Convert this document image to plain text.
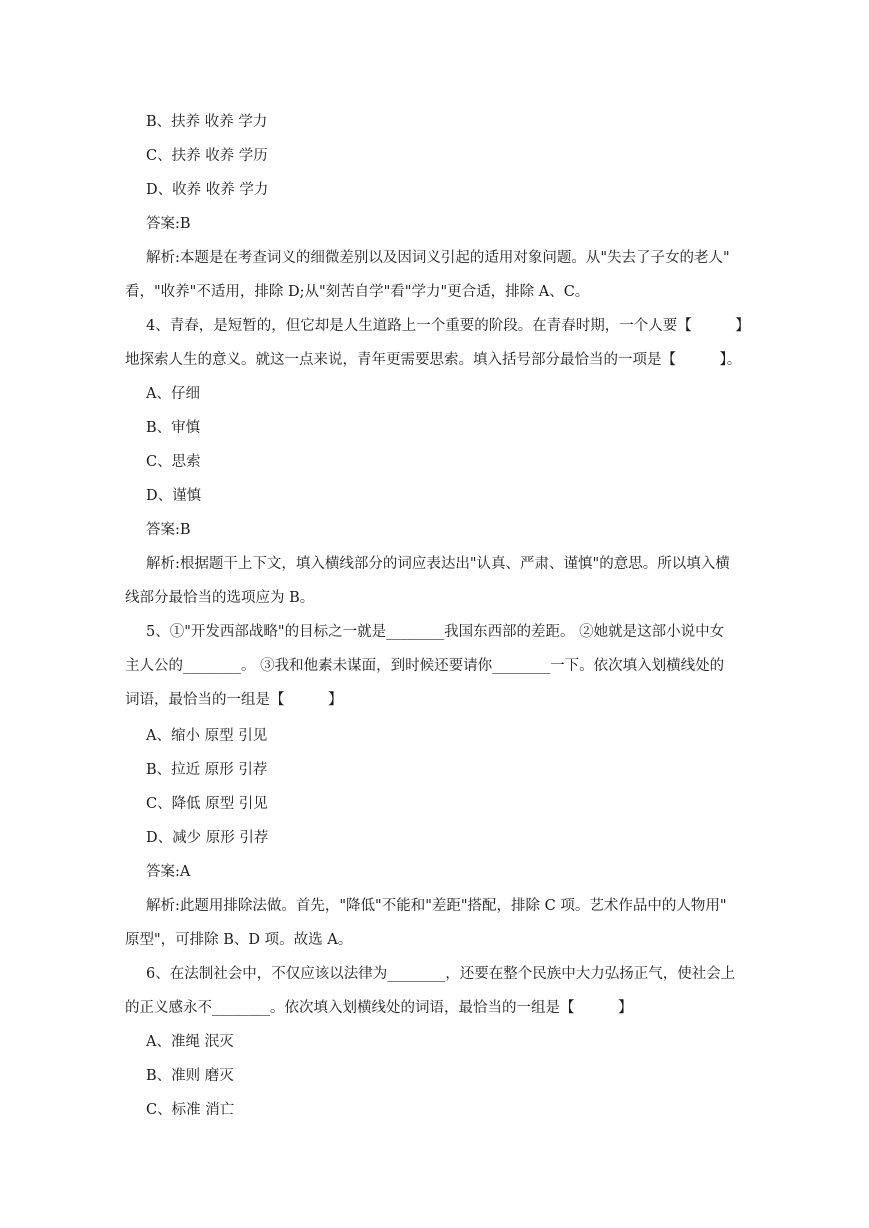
B、扶养 收养 学力
C、扶养 收养 学历
D、收养 收养 学力
答案:B
解析:本题是在考查词义的细微差别以及因词义引起的适用对象问题。从"失去了子女的老人"
看，"收养"不适用，排除 D;从"刻苦自学"看"学力"更合适，排除 A、C。
4、青春，是短暂的，但它却是人生道路上一个重要的阶段。在青春时期，一个人要【　　　】
地探索人生的意义。就这一点来说，青年更需要思索。填入括号部分最恰当的一项是【　　　】。
A、仔细
B、审慎
C、思索
D、谨慎
答案:B
解析:根据题干上下文，填入横线部分的词应表达出"认真、严肃、谨慎"的意思。所以填入横
线部分最恰当的选项应为 B。
5、①"开发西部战略"的目标之一就是________我国东西部的差距。 ②她就是这部小说中女
主人公的________。 ③我和他素未谋面，到时候还要请你________一下。依次填入划横线处的
词语，最恰当的一组是【　　　】
A、缩小 原型 引见
B、拉近 原形 引荐
C、降低 原型 引见
D、减少 原形 引荐
答案:A
解析:此题用排除法做。首先，"降低"不能和"差距"搭配，排除 C 项。艺术作品中的人物用"
原型"，可排除 B、D 项。故选 A。
6、在法制社会中，不仅应该以法律为________，还要在整个民族中大力弘扬正气，使社会上
的正义感永不________。依次填入划横线处的词语，最恰当的一组是【　　　】
A、准绳 泯灭
B、准则 磨灭
C、标准 消亡
